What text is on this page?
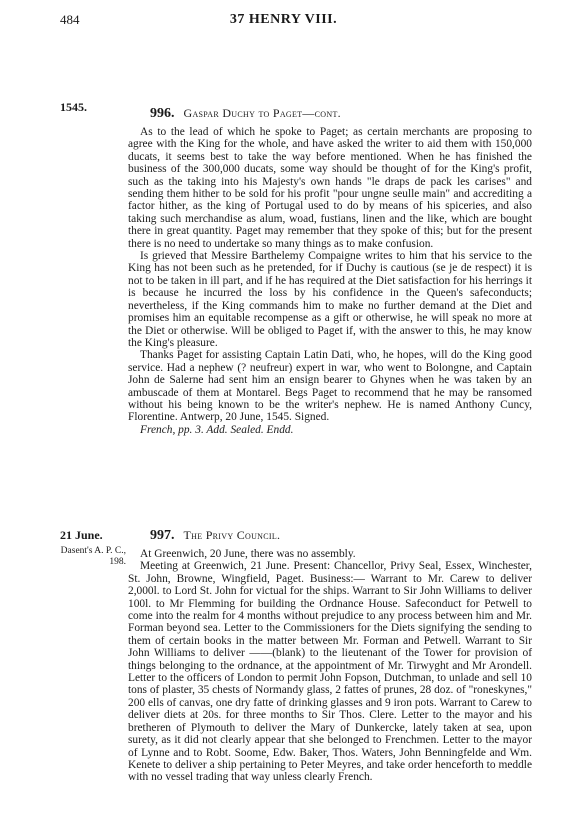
484	37 HENRY VIII.
1545.	996. Gaspar Duchy to Paget—cont.

As to the lead of which he spoke to Paget; as certain merchants are proposing to agree with the King for the whole, and have asked the writer to aid them with 150,000 ducats, it seems best to take the way before mentioned. When he has finished the business of the 300,000 ducats, some way should be thought of for the King's profit, such as the taking into his Majesty's own hands "le draps de pack les carises" and sending them hither to be sold for his profit "pour ungne seulle main" and accrediting a factor hither, as the king of Portugal used to do by means of his spiceries, and also taking such merchandise as alum, woad, fustians, linen and the like, which are bought there in great quantity. Paget may remember that they spoke of this; but for the present there is no need to undertake so many things as to make confusion.

Is grieved that Messire Barthelemy Compaigne writes to him that his service to the King has not been such as he pretended, for if Duchy is cautious (se je de respect) it is not to be taken in ill part, and if he has required at the Diet satisfaction for his herrings it is because he incurred the loss by his confidence in the Queen's safeconducts; nevertheless, if the King commands him to make no further demand at the Diet and promises him an equitable recompense as a gift or otherwise, he will speak no more at the Diet or otherwise. Will be obliged to Paget if, with the answer to this, he may know the King's pleasure.

Thanks Paget for assisting Captain Latin Dati, who, he hopes, will do the King good service. Had a nephew (? neufreur) expert in war, who went to Bolongne, and Captain John de Salerne had sent him an ensign bearer to Ghynes when he was taken by an ambuscade of them at Montarel. Begs Paget to recommend that he may be ransomed without his being known to be the writer's nephew. He is named Anthony Cuncy, Florentine. Antwerp, 20 June, 1545. Signed.

French, pp. 3. Add. Sealed. Endd.

21 June.
Dasent's A. P. C., 198.
997. The Privy Council.

At Greenwich, 20 June, there was no assembly.

Meeting at Greenwich, 21 June. Present: Chancellor, Privy Seal, Essex, Winchester, St. John, Browne, Wingfield, Paget. Business:— Warrant to Mr. Carew to deliver 2,000l. to Lord St. John for victual for the ships. Warrant to Sir John Williams to deliver 100l. to Mr Flemming for building the Ordnance House. Safeconduct for Petwell to come into the realm for 4 months without prejudice to any process between him and Mr. Forman beyond sea. Letter to the Commissioners for the Diets signifying the sending to them of certain books in the matter between Mr. Forman and Petwell. Warrant to Sir John Williams to deliver ——(blank) to the lieutenant of the Tower for provision of things belonging to the ordnance, at the appointment of Mr. Tirwyght and Mr Arondell. Letter to the officers of London to permit John Fopson, Dutchman, to unlade and sell 10 tons of plaster, 35 chests of Normandy glass, 2 fattes of prunes, 28 doz. of "roneskynes," 200 ells of canvas, one dry fatte of drinking glasses and 9 iron pots. Warrant to Carew to deliver diets at 20s. for three months to Sir Thos. Clere. Letter to the mayor and his bretheren of Plymouth to deliver the Mary of Dunkercke, lately taken at sea, upon surety, as it did not clearly appear that she belonged to Frenchmen. Letter to the mayor of Lynne and to Robt. Soome, Edw. Baker, Thos. Waters, John Benningfelde and Wm. Kenete to deliver a ship pertaining to Peter Meyres, and take order henceforth to meddle with no vessel trading that way unless clearly French.
